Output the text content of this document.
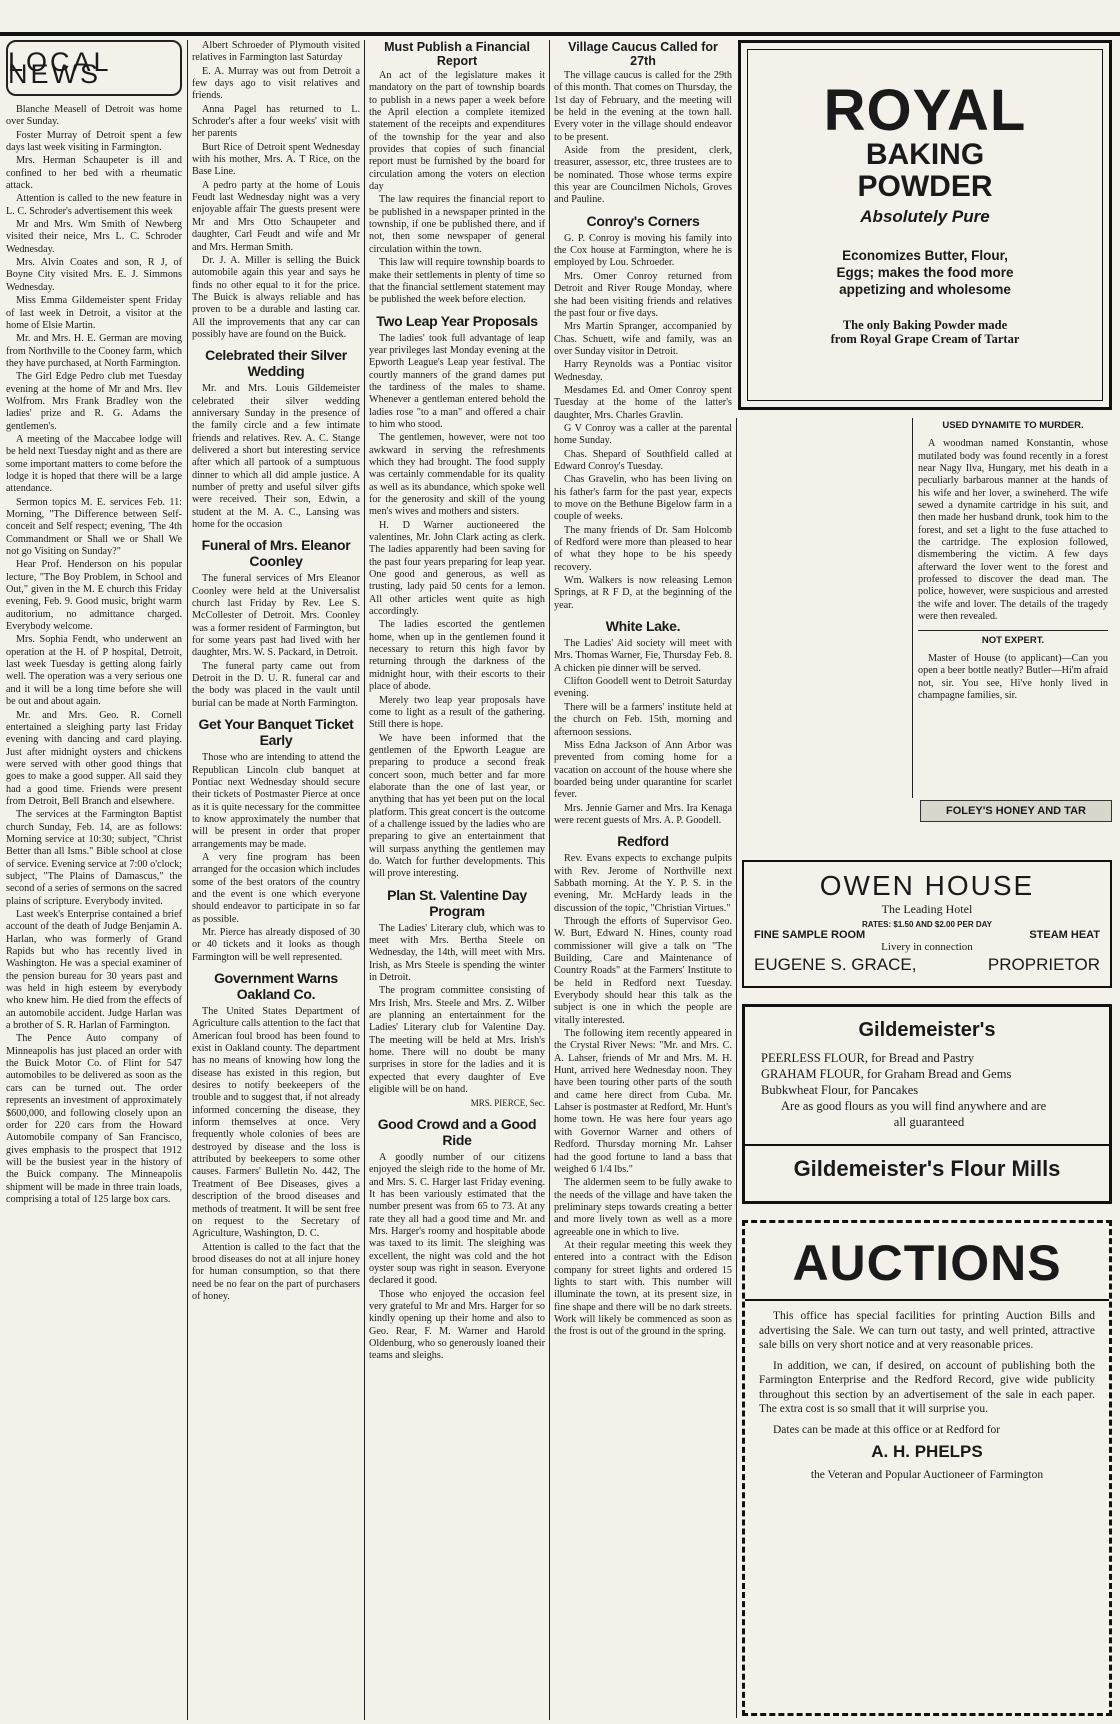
LOCAL NEWS

Blanche Measell of Detroit was home over Sunday.

Foster Murray of Detroit spent a few days last week visiting in Farmington.

Mrs. Herman Schaupeter is ill and confined to her bed with a rheumatic attack.

Attention is called to the new feature in L. C. Schroder's advertisement this week

Mr and Mrs. Wm Smith of Newberg visited their neice, Mrs L. C. Schroder Wednesday.

Mrs. Alvin Coates and son, R J, of Boyne City visited Mrs. E. J. Simmons Wednesday.

Miss Emma Gildemeister spent Friday of last week in Detroit, a visitor at the home of Elsie Martin.

Mr. and Mrs. H. E. German are moving from Northville to the Cooney farm, which they have purchased, at North Farmington.

The Girl Edge Pedro club met Tuesday evening at the home of Mr and Mrs. Ilev Wolfrom. Mrs Frank Bradley won the ladies' prize and R. G. Adams the gentlemen's.

A meeting of the Maccabee lodge will be held next Tuesday night and as there are some important matters to come before the lodge it is hoped that there will be a large attendance.

Sermon topics M. E. services Feb. 11: Morning, "The Difference between Self-conceit and Self respect; evening, 'The 4th Commandment or Shall we or Shall We not go Visiting on Sunday?"

Hear Prof. Henderson on his popular lecture, "The Boy Problem, in School and Out," given in the M. E church this Friday evening, Feb. 9. Good music, bright warm auditorium, no admittance charged. Everybody welcome.

Mrs. Sophia Fendt, who underwent an operation at the H. of P hospital, Detroit, last week Tuesday is getting along fairly well. The operation was a very serious one and it will be a long time before she will be out and about again.

Mr. and Mrs. Geo. R. Cornell entertained a sleighing party last Friday evening with dancing and card playing. Just after midnight oysters and chickens were served with other good things that goes to make a good supper. All said they had a good time. Friends were present from Detroit, Bell Branch and elsewhere.

The services at the Farmington Baptist church Sunday, Feb. 14, are as follows: Morning service at 10:30; subject, "Christ Better than all Isms." Bible school at close of service. Evening service at 7:00 o'clock; subject, "The Plains of Damascus," the second of a series of sermons on the sacred plains of scripture. Everybody invited.

Last week's Enterprise contained a brief account of the death of Judge Benjamin A. Harlan, who was formerly of Grand Rapids but who has recently lived in Washington. He was a special examiner of the pension bureau for 30 years past and was held in high esteem by everybody who knew him. He died from the effects of an automobile accident. Judge Harlan was a brother of S. R. Harlan of Farmington.

The Pence Auto company of Minneapolis has just placed an order with the Buick Motor Co. of Flint for 547 automobiles to be delivered as soon as the cars can be turned out. The order represents an investment of approximately $600,000, and following closely upon an order for 220 cars from the Howard Automobile company of San Francisco, gives emphasis to the prospect that 1912 will be the busiest year in the history of the Buick company. The Minneapolis shipment will be made in three train loads, comprising a total of 125 large box cars.

Albert Schroeder of Plymouth visited relatives in Farmington last Saturday

E. A. Murray was out from Detroit a few days ago to visit relatives and friends.

Anna Pagel has returned to L. Schroder's after a four weeks' visit with her parents

Burt Rice of Detroit spent Wednesday with his mother, Mrs. A. T Rice, on the Base Line.

A pedro party at the home of Louis Feudt last Wednesday night was a very enjoyable affair The guests present were Mr and Mrs Otto Schaupeter and daughter, Carl Feudt and wife and Mr and Mrs. Herman Smith.

Dr. J. A. Miller is selling the Buick automobile again this year and says he finds no other equal to it for the price. The Buick is always reliable and has proven to be a durable and lasting car. All the improvements that any car can possibly have are found on the Buick.

Celebrated their Silver Wedding

Mr. and Mrs. Louis Gildemeister celebrated their silver wedding anniversary Sunday in the presence of the family circle and a few intimate friends and relatives. Rev. A. C. Stange delivered a short but interesting service after which all partook of a sumptuous dinner to which all did ample justice. A number of pretty and useful silver gifts were received. Their son, Edwin, a student at the M. A. C., Lansing was home for the occasion

Funeral of Mrs. Eleanor Coonley

The funeral services of Mrs Eleanor Coonley were held at the Universalist church last Friday by Rev. Lee S. McCollester of Detroit. Mrs. Coonley was a former resident of Farmington, but for some years past had lived with her daughter, Mrs. W. S. Packard, in Detroit.

The funeral party came out from Detroit in the D. U. R. funeral car and the body was placed in the vault until burial can be made at North Farmington.

Get Your Banquet Ticket Early

Those who are intending to attend the Republican Lincoln club banquet at Pontiac next Wednesday should secure their tickets of Postmaster Pierce at once as it is quite necessary for the committee to know approximately the number that will be present in order that proper arrangements may be made.

A very fine program has been arranged for the occasion which includes some of the best orators of the country and the event is one which everyone should endeavor to participate in so far as possible.

Mr. Pierce has already disposed of 30 or 40 tickets and it looks as though Farmington will be well represented.

Government Warns Oakland Co.

The United States Department of Agriculture calls attention to the fact that American foul brood has been found to exist in Oakland county. The department has no means of knowing how long the disease has existed in this region, but desires to notify beekeepers of the trouble and to suggest that, if not already informed concerning the disease, they inform themselves at once. Very frequently whole colonies of bees are destroyed by disease and the loss is attributed by beekeepers to some other causes. Farmers' Bulletin No. 442, The Treatment of Bee Diseases, gives a description of the brood diseases and methods of treatment. It will be sent free on request to the Secretary of Agriculture, Washington, D. C.

Attention is called to the fact that the brood diseases do not at all injure honey for human consumption, so that there need be no fear on the part of purchasers of honey.

Must Publish a Financial Report

An act of the legislature makes it mandatory on the part of township boards to publish in a news paper a week before the April election a complete itemized statement of the receipts and expenditures of the township for the year and also provides that copies of such financial report must be furnished by the board for circulation among the voters on election day

The law requires the financial report to be published in a newspaper printed in the township, if one be published there, and if not, then some newspaper of general circulation within the town.

This law will require township boards to make their settlements in plenty of time so that the financial settlement statement may be published the week before election.

Two Leap Year Proposals

The ladies' took full advantage of leap year privileges last Monday evening at the Epworth League's Leap year festival. The courtly manners of the grand dames put the tardiness of the males to shame. Whenever a gentleman entered behold the ladies rose "to a man" and offered a chair to him who stood.

The gentlemen, however, were not too awkward in serving the refreshments which they had brought. The food supply was certainly commendable for its quality as well as its abundance, which spoke well for the generosity and skill of the young men's wives and mothers and sisters.

H. D Warner auctioneered the valentines, Mr. John Clark acting as clerk. The ladies apparently had been saving for the past four years preparing for leap year. One good and generous, as well as trusting, lady paid 50 cents for a lemon. All other articles went quite as high accordingly.

The ladies escorted the gentlemen home, when up in the gentlemen found it necessary to return this high favor by returning through the darkness of the midnight hour, with their escorts to their place of abode.

Merely two leap year proposals have come to light as a result of the gathering. Still there is hope.

We have been informed that the gentlemen of the Epworth League are preparing to produce a second freak concert soon, much better and far more elaborate than the one of last year, or anything that has yet been put on the local platform. This great concert is the outcome of a challenge issued by the ladies who are preparing to give an entertainment that will surpass anything the gentlemen may do. Watch for further developments. This will prove interesting.

Plan St. Valentine Day Program

The Ladies' Literary club, which was to meet with Mrs. Bertha Steele on Wednesday, the 14th, will meet with Mrs. Irish, as Mrs Steele is spending the winter in Detroit.

The program committee consisting of Mrs Irish, Mrs. Steele and Mrs. Z. Wilber are planning an entertainment for the Ladies' Literary club for Valentine Day. The meeting will be held at Mrs. Irish's home. There will no doubt be many surprises in store for the ladies and it is expected that every daughter of Eve eligible will be on hand.

MRS. PIERCE, Sec.
Good Crowd and a Good Ride

A goodly number of our citizens enjoyed the sleigh ride to the home of Mr. and Mrs. S. C. Harger last Friday evening. It has been variously estimated that the number present was from 65 to 73. At any rate they all had a good time and Mr. and Mrs. Harger's roomy and hospitable abode was taxed to its limit. The sleighing was excellent, the night was cold and the hot oyster soup was right in season. Everyone declared it good.

Those who enjoyed the occasion feel very grateful to Mr and Mrs. Harger for so kindly opening up their home and also to Geo. Rear, F. M. Warner and Harold Oldenburg, who so generously loaned their teams and sleighs.

Village Caucus Called for 27th

The village caucus is called for the 29th of this month. That comes on Thursday, the 1st day of February, and the meeting will be held in the evening at the town hall. Every voter in the village should endeavor to be present.

Aside from the president, clerk, treasurer, assessor, etc, three trustees are to be nominated. Those whose terms expire this year are Councilmen Nichols, Groves and Pauline.

Conroy's Corners

G. P. Conroy is moving his family into the Cox house at Farmington, where he is employed by Lou. Schroeder.

Mrs. Omer Conroy returned from Detroit and River Rouge Monday, where she had been visiting friends and relatives the past four or five days.

Mrs Martin Spranger, accompanied by Chas. Schuett, wife and family, was an over Sunday visitor in Detroit.

Harry Reynolds was a Pontiac visitor Wednesday.

Mesdames Ed. and Omer Conroy spent Tuesday at the home of the latter's daughter, Mrs. Charles Gravlin.

G V Conroy was a caller at the parental home Sunday.

Chas. Shepard of Southfield called at Edward Conroy's Tuesday.

Chas Gravelin, who has been living on his father's farm for the past year, expects to move on the Bethune Bigelow farm in a couple of weeks.

The many friends of Dr. Sam Holcomb of Redford were more than pleased to hear of what they hope to be his speedy recovery.

Wm. Walkers is now releasing Lemon Springs, at R F D, at the beginning of the year.

White Lake.

The Ladies' Aid society will meet with Mrs. Thomas Warner, Fie, Thursday Feb. 8. A chicken pie dinner will be served.

Clifton Goodell went to Detroit Saturday evening.

There will be a farmers' institute held at the church on Feb. 15th, morning and afternoon sessions.

Miss Edna Jackson of Ann Arbor was prevented from coming home for a vacation on account of the house where she boarded being under quarantine for scarlet fever.

Mrs. Jennie Garner and Mrs. Ira Kenaga were recent guests of Mrs. A. P. Goodell.

Redford

Rev. Evans expects to exchange pulpits with Rev. Jerome of Northville next Sabbath morning. At the Y. P. S. in the evening, Mr. McHardy leads in the discussion of the topic, "Christian Virtues."

Through the efforts of Supervisor Geo. W. Burt, Edward N. Hines, county road commissioner will give a talk on "The Building, Care and Maintenance of Country Roads" at the Farmers' Institute to be held in Redford next Tuesday. Everybody should hear this talk as the subject is one in which the people are vitally interested.

The following item recently appeared in the Crystal River News: "Mr. and Mrs. C. A. Lahser, friends of Mr and Mrs. M. H. Hunt, arrived here Wednesday noon. They have been touring other parts of the south and came here direct from Cuba. Mr. Lahser is postmaster at Redford, Mr. Hunt's home town. He was here four years ago with Governor Warner and others of Redford. Thursday morning Mr. Lahser had the good fortune to land a bass that weighed 6 1/4 lbs."

The aldermen seem to be fully awake to the needs of the village and have taken the preliminary steps towards creating a better and more lively town as well as a more agreeable one in which to live.

At their regular meeting this week they entered into a contract with the Edison company for street lights and ordered 15 lights to start with. This number will illuminate the town, at its present size, in fine shape and there will be no dark streets. Work will likely be commenced as soon as the frost is out of the ground in the spring.

ROYAL
BAKING
POWDER
Absolutely Pure
Economizes Butter, Flour,
Eggs; makes the food more
appetizing and wholesome
The only Baking Powder made
from Royal Grape Cream of Tartar
USED DYNAMITE TO MURDER.

A woodman named Konstantin, whose mutilated body was found recently in a forest near Nagy Ilva, Hungary, met his death in a peculiarly barbarous manner at the hands of his wife and her lover, a swineherd. The wife sewed a dynamite cartridge in his suit, and then made her husband drunk, took him to the forest, and set a light to the fuse attached to the cartridge. The explosion followed, dismembering the victim. A few days afterward the lover went to the forest and professed to discover the dead man. The police, however, were suspicious and arrested the wife and lover. The details of the tragedy were then revealed.

NOT EXPERT.

Master of House (to applicant)—Can you open a beer bottle neatly? Butler—Hi'm afraid not, sir. You see, Hi've honly lived in champagne families, sir.

FOLEY'S HONEY AND TAR
OWEN HOUSE
The Leading Hotel
RATES: $1.50 AND $2.00 PER DAY
FINE SAMPLE ROOM	STEAM HEAT
Livery in connection
EUGENE S. GRACE,	PROPRIETOR
Gildemeister's
PEERLESS FLOUR, for Bread and Pastry
GRAHAM FLOUR, for Graham Bread and Gems
Bubkwheat Flour, for Pancakes
Are as good flours as you will find anywhere and are
all guaranteed
Gildemeister's Flour Mills
AUCTIONS

This office has special facilities for printing Auction Bills and advertising the Sale. We can turn out tasty, and well printed, attractive sale bills on very short notice and at very reasonable prices.

In addition, we can, if desired, on account of publishing both the Farmington Enterprise and the Redford Record, give wide publicity throughout this section by an advertisement of the sale in each paper. The extra cost is so small that it will surprise you.

Dates can be made at this office or at Redford for

A. H. PHELPS

the Veteran and Popular Auctioneer of Farmington
